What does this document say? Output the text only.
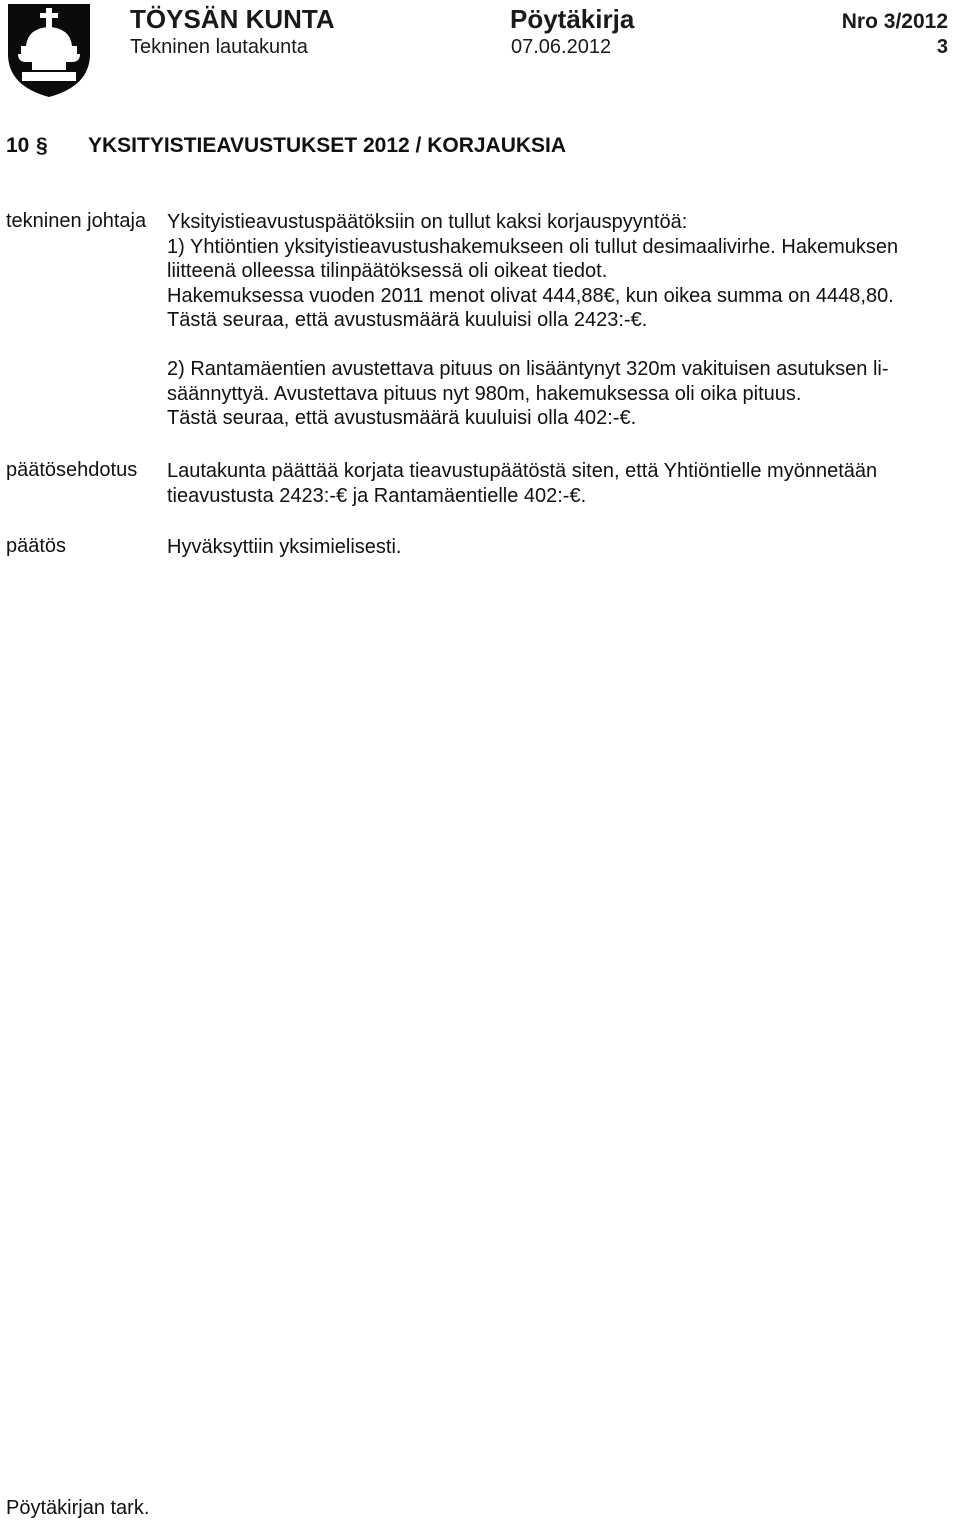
TÖYSÄN KUNTA
Tekninen lautakunta
Pöytäkirja
07.06.2012
Nro 3/2012
3
10 § YKSITYISTIEAVUSTUKSET 2012 / KORJAUKSIA
tekninen johtaja Yksityistieavustuspäätöksiin on tullut kaksi korjauspyyntöä:
1) Yhtiöntien yksityistieavustushakemukseen oli tullut desimaalivirhe. Hakemuksen
liitteenä olleessa tilinpäätöksessä oli oikeat tiedot.
Hakemuksessa vuoden 2011 menot olivat 444,88€, kun oikea summa on 4448,80.
Tästä seuraa, että avustusmäärä kuuluisi olla 2423:-€.

2) Rantamäentien avustettava pituus on lisääntynyt 320m vakituisen asutuksen li-
säännyttyä. Avustettava pituus nyt 980m, hakemuksessa oli oika pituus.
Tästä seuraa, että avustusmäärä kuuluisi olla 402:-€.

päätösehdotus Lautakunta päättää korjata tieavustupäätöstä siten, että Yhtiöntielle myönnetään
tieavustusta 2423:-€ ja Rantamäentielle 402:-€.

päätös	Hyväksyttiin yksimielisesti.
Pöytäkirjan tark.
